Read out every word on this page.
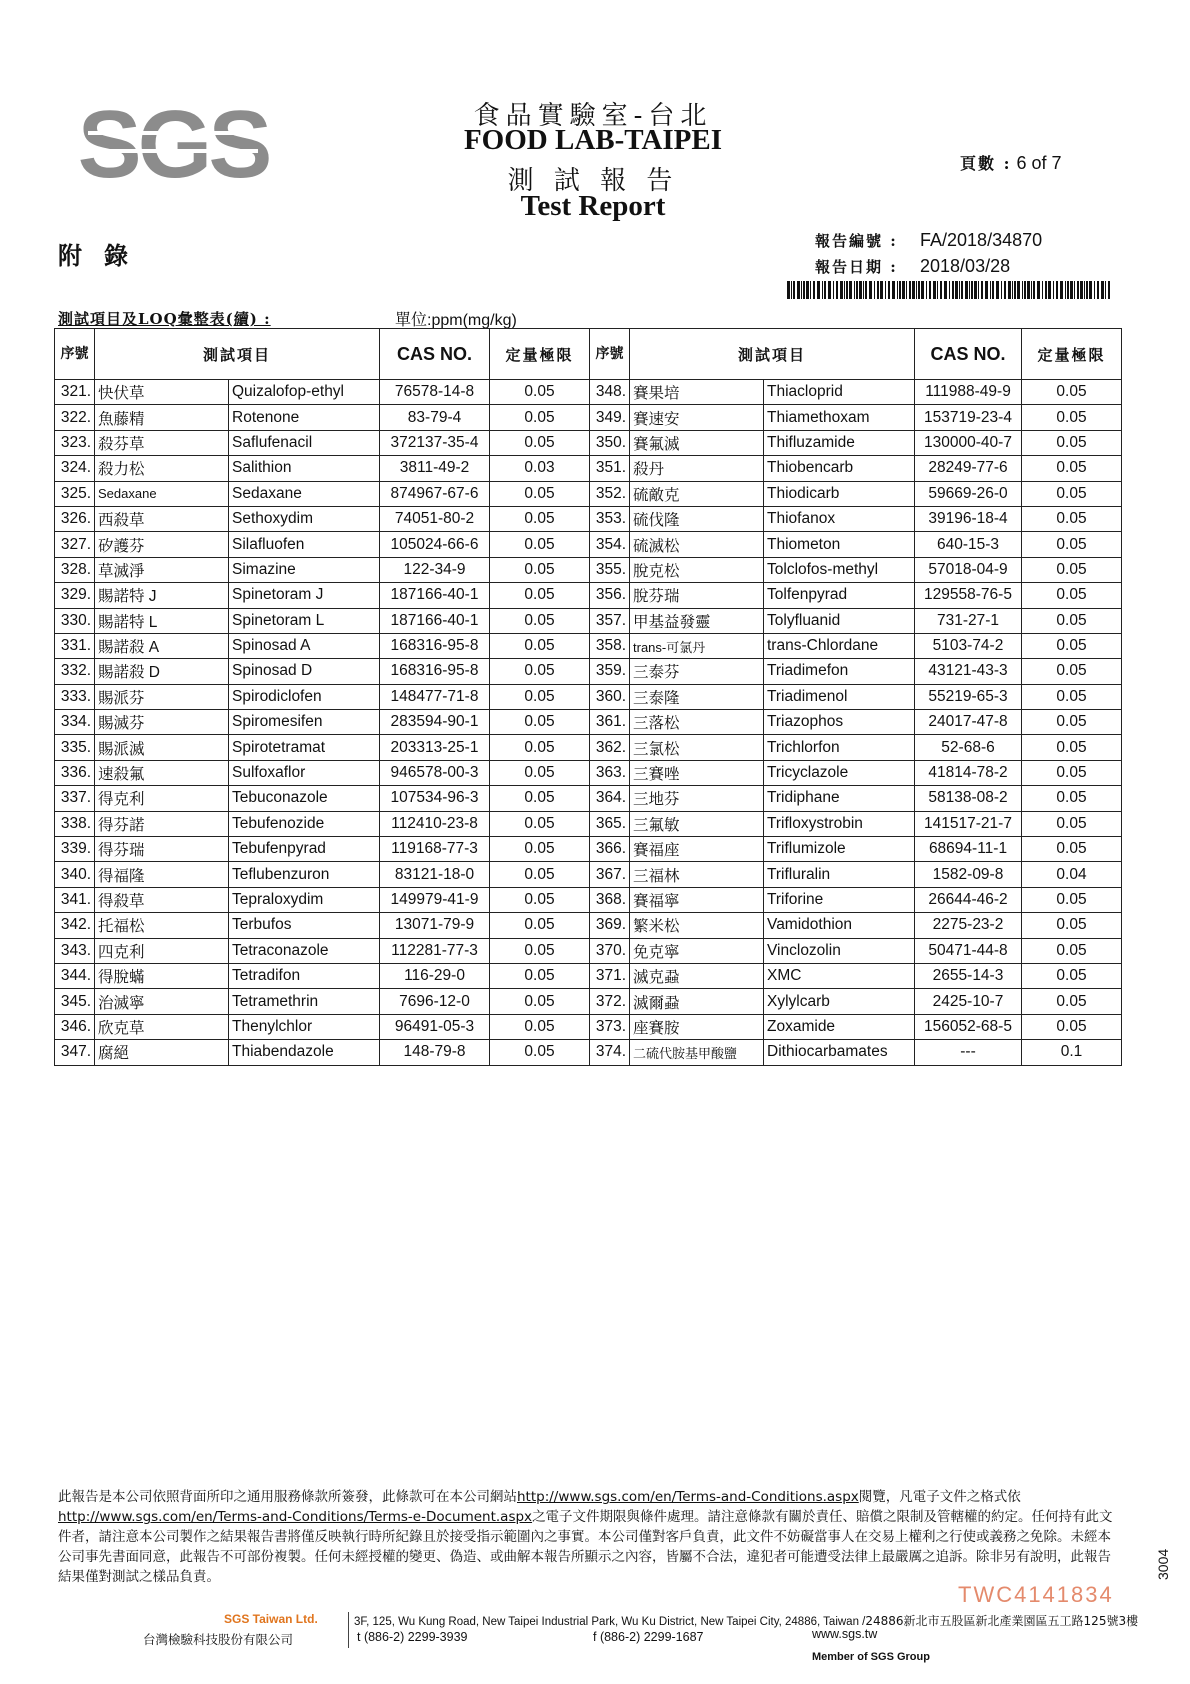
SGS	食品實驗室-台北
FOOD LAB-TAIPEI
測 試 報 告
Test Report
頁數 : 6 of 7
附錄	報告編號 : FA/2018/34870
報告日期 : 2018/03/28
測試項目及LOQ彙整表(續) :	單位:ppm(mg/kg)
序號	測試項目		CAS NO.	定量極限
321.	快伏草	Quizalofop-ethyl	76578-14-8	0.05
322.	魚藤精	Rotenone	83-79-4	0.05
323.	殺芬草	Saflufenacil	372137-35-4	0.05
324.	殺力松	Salithion	3811-49-2	0.03
325.	Sedaxane	Sedaxane	874967-67-6	0.05
326.	西殺草	Sethoxydim	74051-80-2	0.05
327.	矽護芬	Silafluofen	105024-66-6	0.05
328.	草滅淨	Simazine	122-34-9	0.05
329.	賜諾特 J	Spinetoram J	187166-40-1	0.05
330.	賜諾特 L	Spinetoram L	187166-40-1	0.05
331.	賜諾殺 A	Spinosad A	168316-95-8	0.05
332.	賜諾殺 D	Spinosad D	168316-95-8	0.05
333.	賜派芬	Spirodiclofen	148477-71-8	0.05
334.	賜滅芬	Spiromesifen	283594-90-1	0.05
335.	賜派滅	Spirotetramat	203313-25-1	0.05
336.	速殺氟	Sulfoxaflor	946578-00-3	0.05
337.	得克利	Tebuconazole	107534-96-3	0.05
338.	得芬諾	Tebufenozide	112410-23-8	0.05
339.	得芬瑞	Tebufenpyrad	119168-77-3	0.05
340.	得福隆	Teflubenzuron	83121-18-0	0.05
341.	得殺草	Tepraloxydim	149979-41-9	0.05
342.	托福松	Terbufos	13071-79-9	0.05
343.	四克利	Tetraconazole	112281-77-3	0.05
344.	得脫蟎	Tetradifon	116-29-0	0.05
345.	治滅寧	Tetramethrin	7696-12-0	0.05
346.	欣克草	Thenylchlor	96491-05-3	0.05
347.	腐絕	Thiabendazole	148-79-8	0.05
序號	測試項目		CAS NO.	定量極限
348.	賽果培	Thiacloprid	111988-49-9	0.05
349.	賽速安	Thiamethoxam	153719-23-4	0.05
350.	賽氟滅	Thifluzamide	130000-40-7	0.05
351.	殺丹	Thiobencarb	28249-77-6	0.05
352.	硫敵克	Thiodicarb	59669-26-0	0.05
353.	硫伐隆	Thiofanox	39196-18-4	0.05
354.	硫滅松	Thiometon	640-15-3	0.05
355.	脫克松	Tolclofos-methyl	57018-04-9	0.05
356.	脫芬瑞	Tolfenpyrad	129558-76-5	0.05
357.	甲基益發靈	Tolyfluanid	731-27-1	0.05
358.	trans-可氯丹	trans-Chlordane	5103-74-2	0.05
359.	三泰芬	Triadimefon	43121-43-3	0.05
360.	三泰隆	Triadimenol	55219-65-3	0.05
361.	三落松	Triazophos	24017-47-8	0.05
362.	三氯松	Trichlorfon	52-68-6	0.05
363.	三賽唑	Tricyclazole	41814-78-2	0.05
364.	三地芬	Tridiphane	58138-08-2	0.05
365.	三氟敏	Trifloxystrobin	141517-21-7	0.05
366.	賽福座	Triflumizole	68694-11-1	0.05
367.	三福林	Trifluralin	1582-09-8	0.04
368.	賽福寧	Triforine	26644-46-2	0.05
369.	繁米松	Vamidothion	2275-23-2	0.05
370.	免克寧	Vinclozolin	50471-44-8	0.05
371.	滅克蝨	XMC	2655-14-3	0.05
372.	滅爾蝨	Xylylcarb	2425-10-7	0.05
373.	座賽胺	Zoxamide	156052-68-5	0.05
374.	二硫代胺基甲酸鹽	Dithiocarbamates	---	0.1
此報告是本公司依照背面所印之通用服務條款所簽發，此條款可在本公司網站http://www.sgs.com/en/Terms-and-Conditions.aspx閱覽，凡電子文件之格式依http://www.sgs.com/en/Terms-and-Conditions/Terms-e-Document.aspx之電子文件期限與條件處理。請注意條款有關於責任、賠償之限制及管轄權的約定。任何持有此文件者，請注意本公司製作之結果報告書將僅反映執行時所紀錄且於接受指示範圍內之事實。本公司僅對客戶負責，此文件不妨礙當事人在交易上權利之行使或義務之免除。未經本公司事先書面同意，此報告不可部份複製。任何未經授權的變更、偽造、或曲解本報告所顯示之內容，皆屬不合法，違犯者可能遭受法律上最嚴厲之追訴。除非另有說明，此報告結果僅對測試之樣品負責。
SGS Taiwan Ltd.
台灣檢驗科技股份有限公司
3F, 125, Wu Kung Road, New Taipei Industrial Park, Wu Ku District, New Taipei City, 24886, Taiwan /24886新北市五股區新北產業園區五工路125號3樓
t (886-2) 2299-3939	f (886-2) 2299-1687	www.sgs.tw
Member of SGS Group
TWC4141834
3004
